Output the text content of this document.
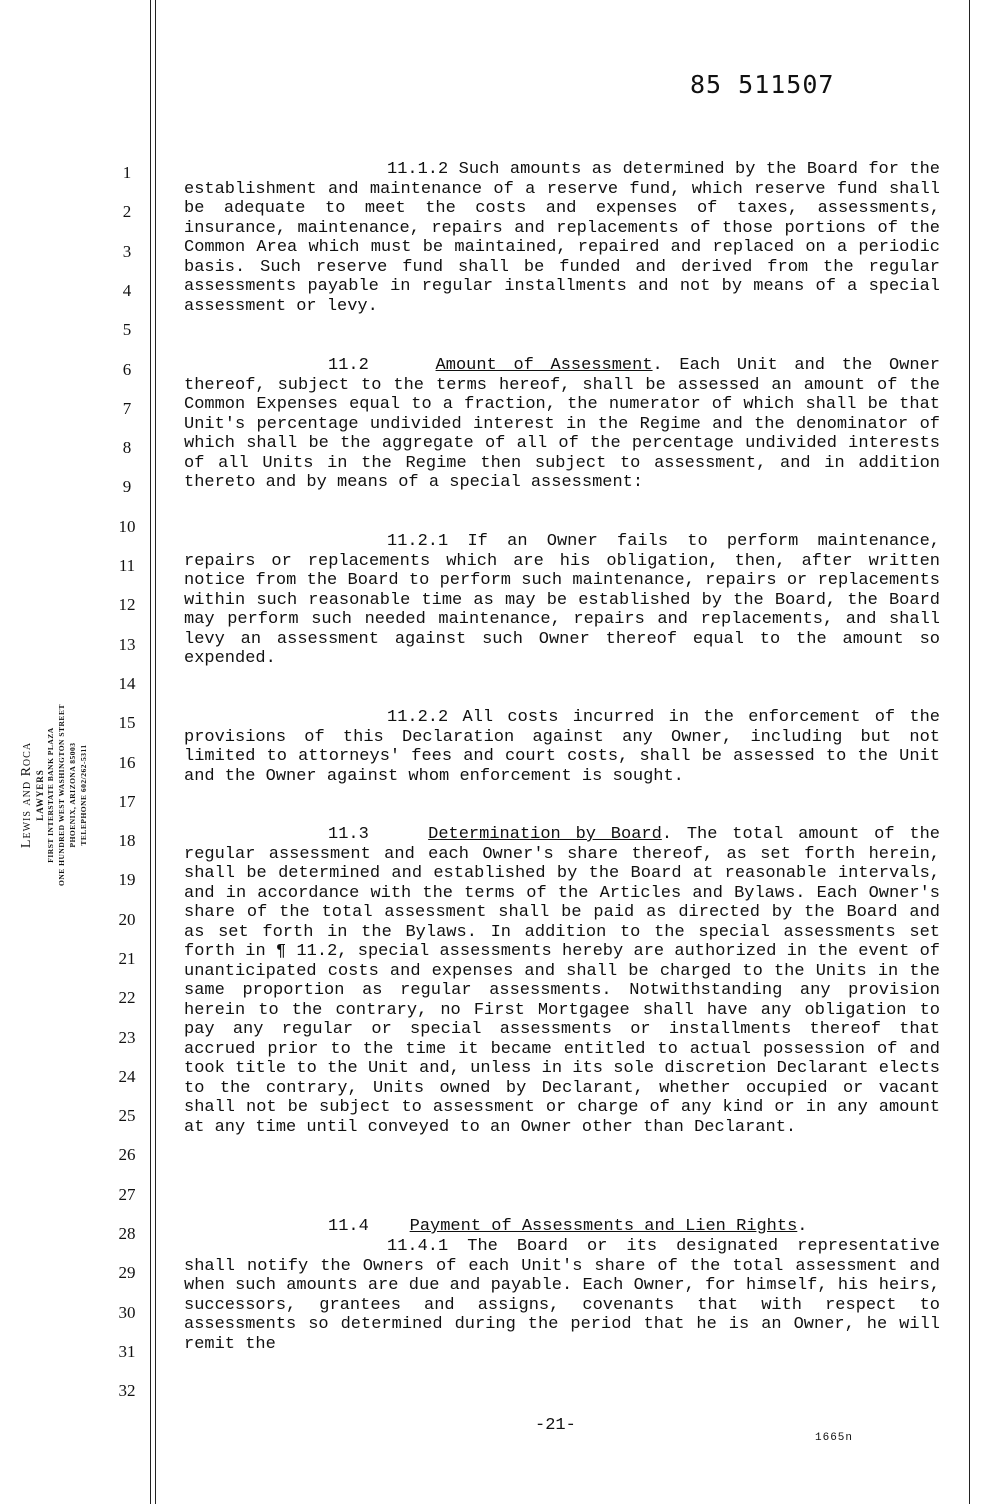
85 511507
1
2
3
4
5
6
7
8
9
10
11
12
13
14
15
16
17
18
19
20
21
22
23
24
25
26
27
28
29
30
31
32
Lewis and Roca LAWYERS FIRST INTERSTATE BANK PLAZA ONE HUNDRED WEST WASHINGTON STREET PHOENIX, ARIZONA 85003 TELEPHONE 602/262-5311
11.1.2 Such amounts as determined by the Board for the establishment and maintenance of a reserve fund, which reserve fund shall be adequate to meet the costs and expenses of taxes, assessments, insurance, maintenance, repairs and replacements of those portions of the Common Area which must be maintained, repaired and replaced on a periodic basis. Such reserve fund shall be funded and derived from the regular assessments payable in regular installments and not by means of a special assessment or levy.
11.2	Amount of Assessment. Each Unit and the Owner thereof, subject to the terms hereof, shall be assessed an amount of the Common Expenses equal to a fraction, the numerator of which shall be that Unit's percentage undivided interest in the Regime and the denominator of which shall be the aggregate of all of the percentage undivided interests of all Units in the Regime then subject to assessment, and in addition thereto and by means of a special assessment:
11.2.1 If an Owner fails to perform maintenance, repairs or replacements which are his obligation, then, after written notice from the Board to perform such maintenance, repairs or replacements within such reasonable time as may be established by the Board, the Board may perform such needed maintenance, repairs and replacements, and shall levy an assessment against such Owner thereof equal to the amount so expended.
11.2.2 All costs incurred in the enforcement of the provisions of this Declaration against any Owner, including but not limited to attorneys' fees and court costs, shall be assessed to the Unit and the Owner against whom enforcement is sought.
11.3	Determination by Board. The total amount of the regular assessment and each Owner's share thereof, as set forth herein, shall be determined and established by the Board at reasonable intervals, and in accordance with the terms of the Articles and Bylaws. Each Owner's share of the total assessment shall be paid as directed by the Board and as set forth in the Bylaws. In addition to the special assessments set forth in ¶ 11.2, special assessments hereby are authorized in the event of unanticipated costs and expenses and shall be charged to the Units in the same proportion as regular assessments. Notwithstanding any provision herein to the contrary, no First Mortgagee shall have any obligation to pay any regular or special assessments or installments thereof that accrued prior to the time it became entitled to actual possession of and took title to the Unit and, unless in its sole discretion Declarant elects to the contrary, Units owned by Declarant, whether occupied or vacant shall not be subject to assessment or charge of any kind or in any amount at any time until conveyed to an Owner other than Declarant.
11.4 Payment of Assessments and Lien Rights.
11.4.1 The Board or its designated representative shall notify the Owners of each Unit's share of the total assessment and when such amounts are due and payable. Each Owner, for himself, his heirs, successors, grantees and assigns, covenants that with respect to assessments so determined during the period that he is an Owner, he will remit the
-21-
1665n
